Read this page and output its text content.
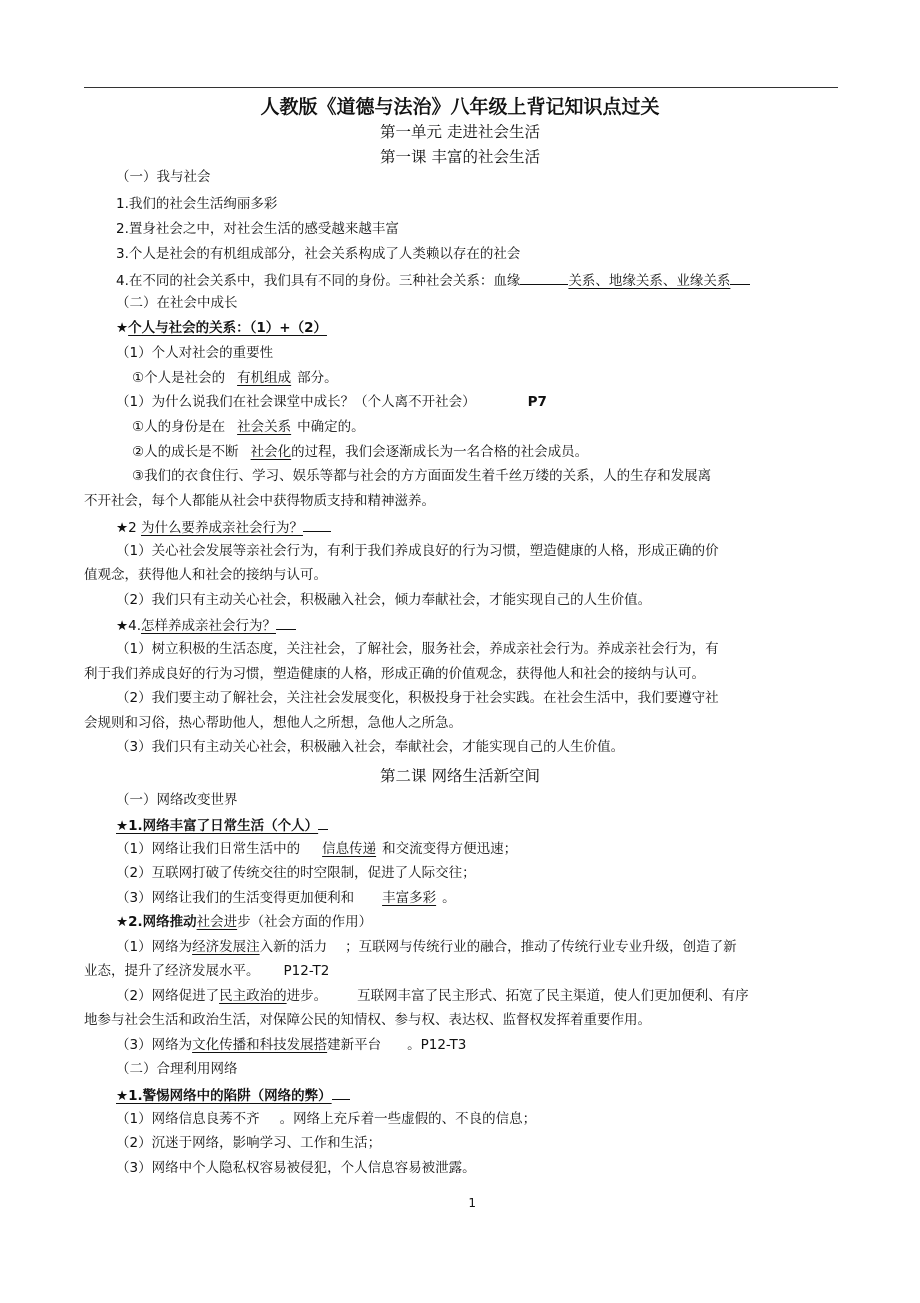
人教版《道德与法治》八年级上背记知识点过关
第一单元 走进社会生活
第一课 丰富的社会生活
（一）我与社会
1.我们的社会生活绚丽多彩
2.置身社会之中，对社会生活的感受越来越丰富
3.个人是社会的有机组成部分，社会关系构成了人类赖以存在的社会
4.在不同的社会关系中，我们具有不同的身份。三种社会关系：血缘	关系、地缘关系、业缘关系
（二）在社会中成长
★个人与社会的关系：（1）+（2）
（1）个人对社会的重要性
①个人是社会的 有机组成 部分。
（1）为什么说我们在社会课堂中成长？（个人离不开社会）	P7
①人的身份是在 社会关系 中确定的。
②人的成长是不断 社会化的过程，我们会逐渐成长为一名合格的社会成员。
③我们的衣食住行、学习、娱乐等都与社会的方方面面发生着千丝万缕的关系，人的生存和发展离
不开社会，每个人都能从社会中获得物质支持和精神滋养。
★2 为什么要养成亲社会行为？
（1）关心社会发展等亲社会行为，有利于我们养成良好的行为习惯，塑造健康的人格，形成正确的价
值观念，获得他人和社会的接纳与认可。
（2）我们只有主动关心社会，积极融入社会，倾力奉献社会，才能实现自己的人生价值。
★4.怎样养成亲社会行为？
（1）树立积极的生活态度，关注社会，了解社会，服务社会，养成亲社会行为。养成亲社会行为，有
利于我们养成良好的行为习惯，塑造健康的人格，形成正确的价值观念，获得他人和社会的接纳与认可。
（2）我们要主动了解社会，关注社会发展变化，积极投身于社会实践。在社会生活中，我们要遵守社
会规则和习俗，热心帮助他人，想他人之所想，急他人之所急。
（3）我们只有主动关心社会，积极融入社会，奉献社会，才能实现自己的人生价值。
第二课 网络生活新空间
（一）网络改变世界
★1.网络丰富了日常生活（个人）
（1）网络让我们日常生活中的 信息传递 和交流变得方便迅速；
（2）互联网打破了传统交往的时空限制，促进了人际交往；
（3）网络让我们的生活变得更加便利和 丰富多彩 。
★2.网络推动社会进步（社会方面的作用）
（1）网络为经济发展注入新的活力 ；互联网与传统行业的融合，推动了传统行业专业升级，创造了新
业态，提升了经济发展水平。 P12-T2
（2）网络促进了民主政治的进步。 互联网丰富了民主形式、拓宽了民主渠道，使人们更加便利、有序
地参与社会生活和政治生活，对保障公民的知情权、参与权、表达权、监督权发挥着重要作用。
（3）网络为文化传播和科技发展搭建新平台 。P12-T3
（二）合理利用网络
★1.警惕网络中的陷阱（网络的弊）
（1）网络信息良莠不齐 。网络上充斥着一些虚假的、不良的信息；
（2）沉迷于网络，影响学习、工作和生活；
（3）网络中个人隐私权容易被侵犯，个人信息容易被泄露。
1
